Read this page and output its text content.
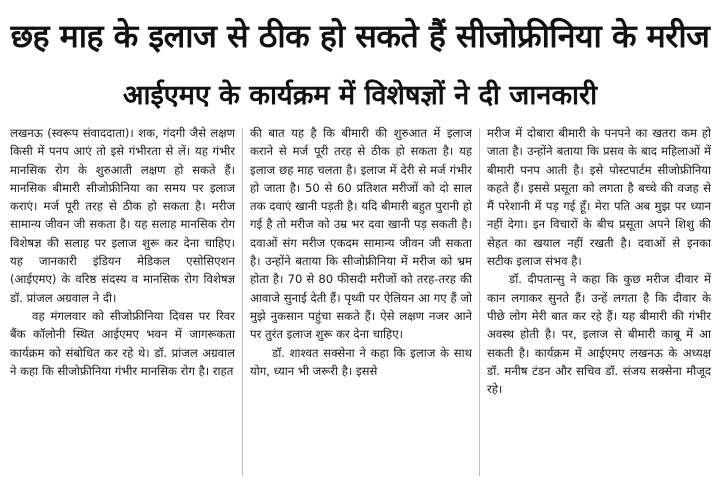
छह माह के इलाज से ठीक हो सकते हैं सीजोफ्रीनिया के मरीज
आईएमए के कार्यक्रम में विशेषज्ञों ने दी जानकारी

लखनऊ (स्वरूप संवाददाता)। शक, गंदगी जैसे लक्षण किसी में पनप आएं तो इसे गंभीरता से लें। यह गंभीर मानसिक रोग के शुरुआती लक्षण हो सकते हैं। मानसिक बीमारी सीजोफ्रीनिया का समय पर इलाज कराएं। मर्ज पूरी तरह से ठीक हो सकता है। मरीज सामान्य जीवन जी सकता है। यह सलाह मानसिक रोग विशेषज्ञ की सलाह पर इलाज शुरू कर देना चाहिए। यह जानकारी इंडियन मेडिकल एसोसिएशन (आईएमए) के वरिष्ठ संदस्य व मानसिक रोग विशेषज्ञ डॉ. प्रांजल अग्रवाल ने दी।

वह मंगलवार को सीजोफ्रीनिया दिवस पर रिवर बैंक कॉलोनी स्थित आईएमए भवन में जागरूकता कार्यक्रम को संबोधित कर रहे थे। डॉ. प्रांजल अग्रवाल ने कहा कि सीजोफ्रीनिया गंभीर मानसिक रोग है। राहत

की बात यह है कि बीमारी की शुरुआत में इलाज कराने से मर्ज पूरी तरह से ठीक हो सकता है। यह इलाज छह माह चलता है। इलाज में देरी से मर्ज गंभीर हो जाता है। 50 से 60 प्रतिशत मरीजों को दो साल तक दवाएं खानी पड़ती है। यदि बीमारी बहुत पुरानी हो गई है तो मरीज को उम्र भर दवा खानी पड़ सकती है। दवाओं संग मरीज एकदम सामान्य जीवन जी सकता है। उन्होंने बताया कि सीजोफ्रीनिया में मरीज को भ्रम होता है। 70 से 80 फीसदी मरीजों को तरह-तरह की आवाजे सुनाई देती हैं। पृथ्वी पर ऐलियन आ गए हैं जो मुझे नुकसान पहुंचा सकते हैं। ऐसे लक्षण नजर आने पर तुरंत इलाज शुरू कर देना चाहिए।

डॉ. शाश्वत सक्सेना ने कहा कि इलाज के साथ योग, ध्यान भी जरूरी है। इससे

मरीज में दोबारा बीमारी के पनपने का खतरा कम हो जाता है। उन्होंने बताया कि प्रसव के बाद महिलाओं में बीमारी पनप आती है। इसे पोस्टपार्टम सीजोफ्रीनिया कहते हैं। इससे प्रसूता को लगता है बच्चे की वजह से मैं परेशानी में पड़ गई हूँ। मेरा पति अब मुझ पर ध्यान नहीं देगा। इन विचारों के बीच प्रसूता अपने शिशु की सेहत का खयाल नहीं रखती है। दवाओं से इनका सटीक इलाज संभव है।

डॉ. दीपतान्सु ने कहा कि कुछ मरीज दीवार में कान लगाकर सुनते हैं। उन्हें लगता है कि दीवार के पीछे लोग मेरी बात कर रहे हैं। यह बीमारी की गंभीर अवस्थ होती है। पर, इलाज से बीमारी काबू में आ सकती है। कार्यक्रम में आईएमए लखनऊ के अध्यक्ष डॉ. मनीष टंडन और सचिव डॉ. संजय सक्सेना मौजूद रहे।
